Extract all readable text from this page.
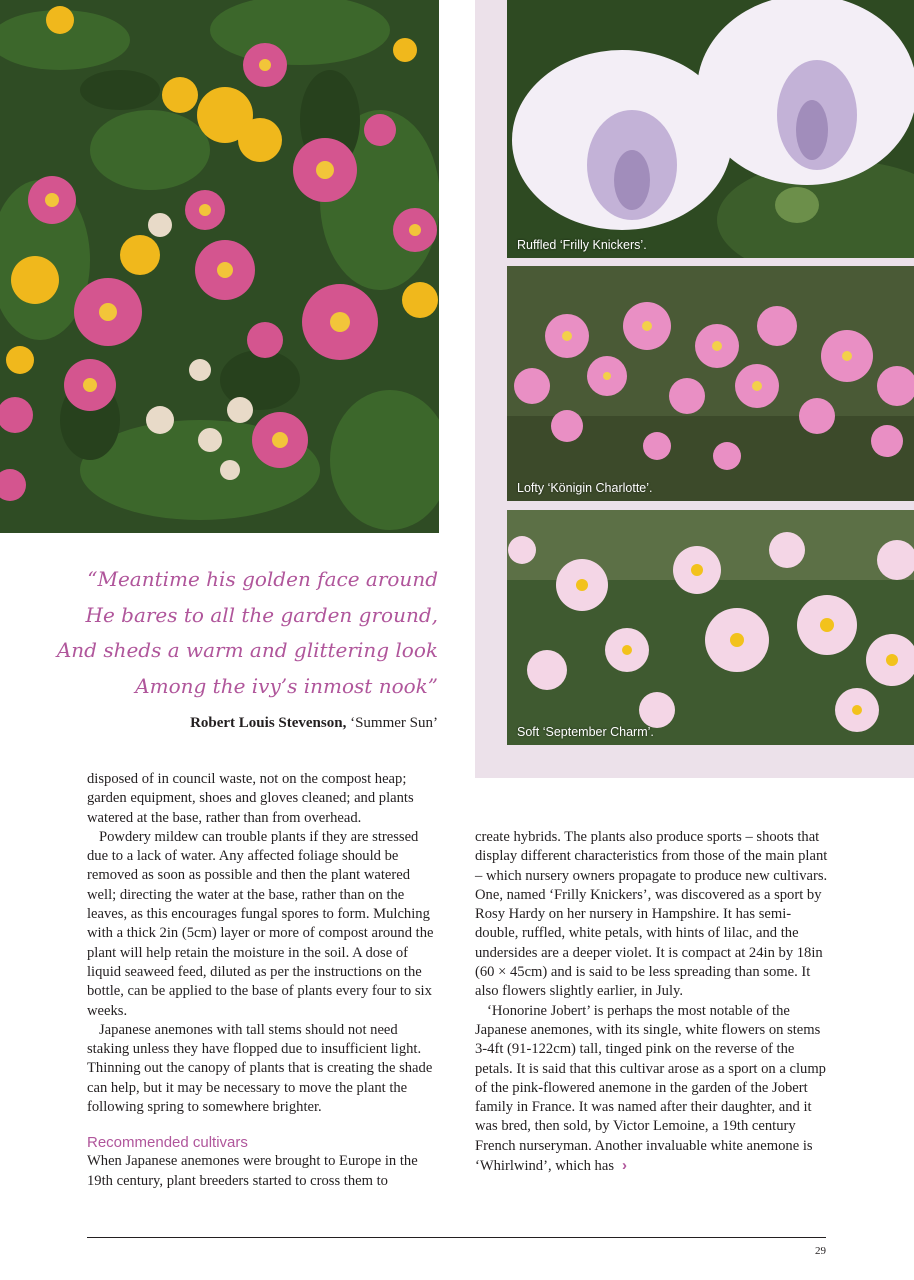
Ruffled ‘Frilly Knickers’.
Lofty ‘Königin Charlotte’.
Soft ‘September Charm’.
“Meantime his golden face around
He bares to all the garden ground,
And sheds a warm and glittering look
Among the ivy’s inmost nook”
Robert Louis Stevenson, ‘Summer Sun’

disposed of in council waste, not on the compost heap; garden equipment, shoes and gloves cleaned; and plants watered at the base, rather than from overhead.

Powdery mildew can trouble plants if they are stressed due to a lack of water. Any affected foliage should be removed as soon as possible and then the plant watered well; directing the water at the base, rather than on the leaves, as this encourages fungal spores to form. Mulching with a thick 2in (5cm) layer or more of compost around the plant will help retain the moisture in the soil. A dose of liquid seaweed feed, diluted as per the instructions on the bottle, can be applied to the base of plants every four to six weeks.

Japanese anemones with tall stems should not need staking unless they have flopped due to insufficient light. Thinning out the canopy of plants that is creating the shade can help, but it may be necessary to move the plant the following spring to somewhere brighter.

Recommended cultivars

When Japanese anemones were brought to Europe in the 19th century, plant breeders started to cross them to

create hybrids. The plants also produce sports – shoots that display different characteristics from those of the main plant – which nursery owners propagate to produce new cultivars. One, named ‘Frilly Knickers’, was discovered as a sport by Rosy Hardy on her nursery in Hampshire. It has semi-double, ruffled, white petals, with hints of lilac, and the undersides are a deeper violet. It is compact at 24in by 18in (60 × 45cm) and is said to be less spreading than some. It also flowers slightly earlier, in July.

‘Honorine Jobert’ is perhaps the most notable of the Japanese anemones, with its single, white flowers on stems 3-4ft (91-122cm) tall, tinged pink on the reverse of the petals. It is said that this cultivar arose as a sport on a clump of the pink-flowered anemone in the garden of the Jobert family in France. It was named after their daughter, and it was bred, then sold, by Victor Lemoine, a 19th century French nurseryman. Another invaluable white anemone is ‘Whirlwind’, which has ›

29
